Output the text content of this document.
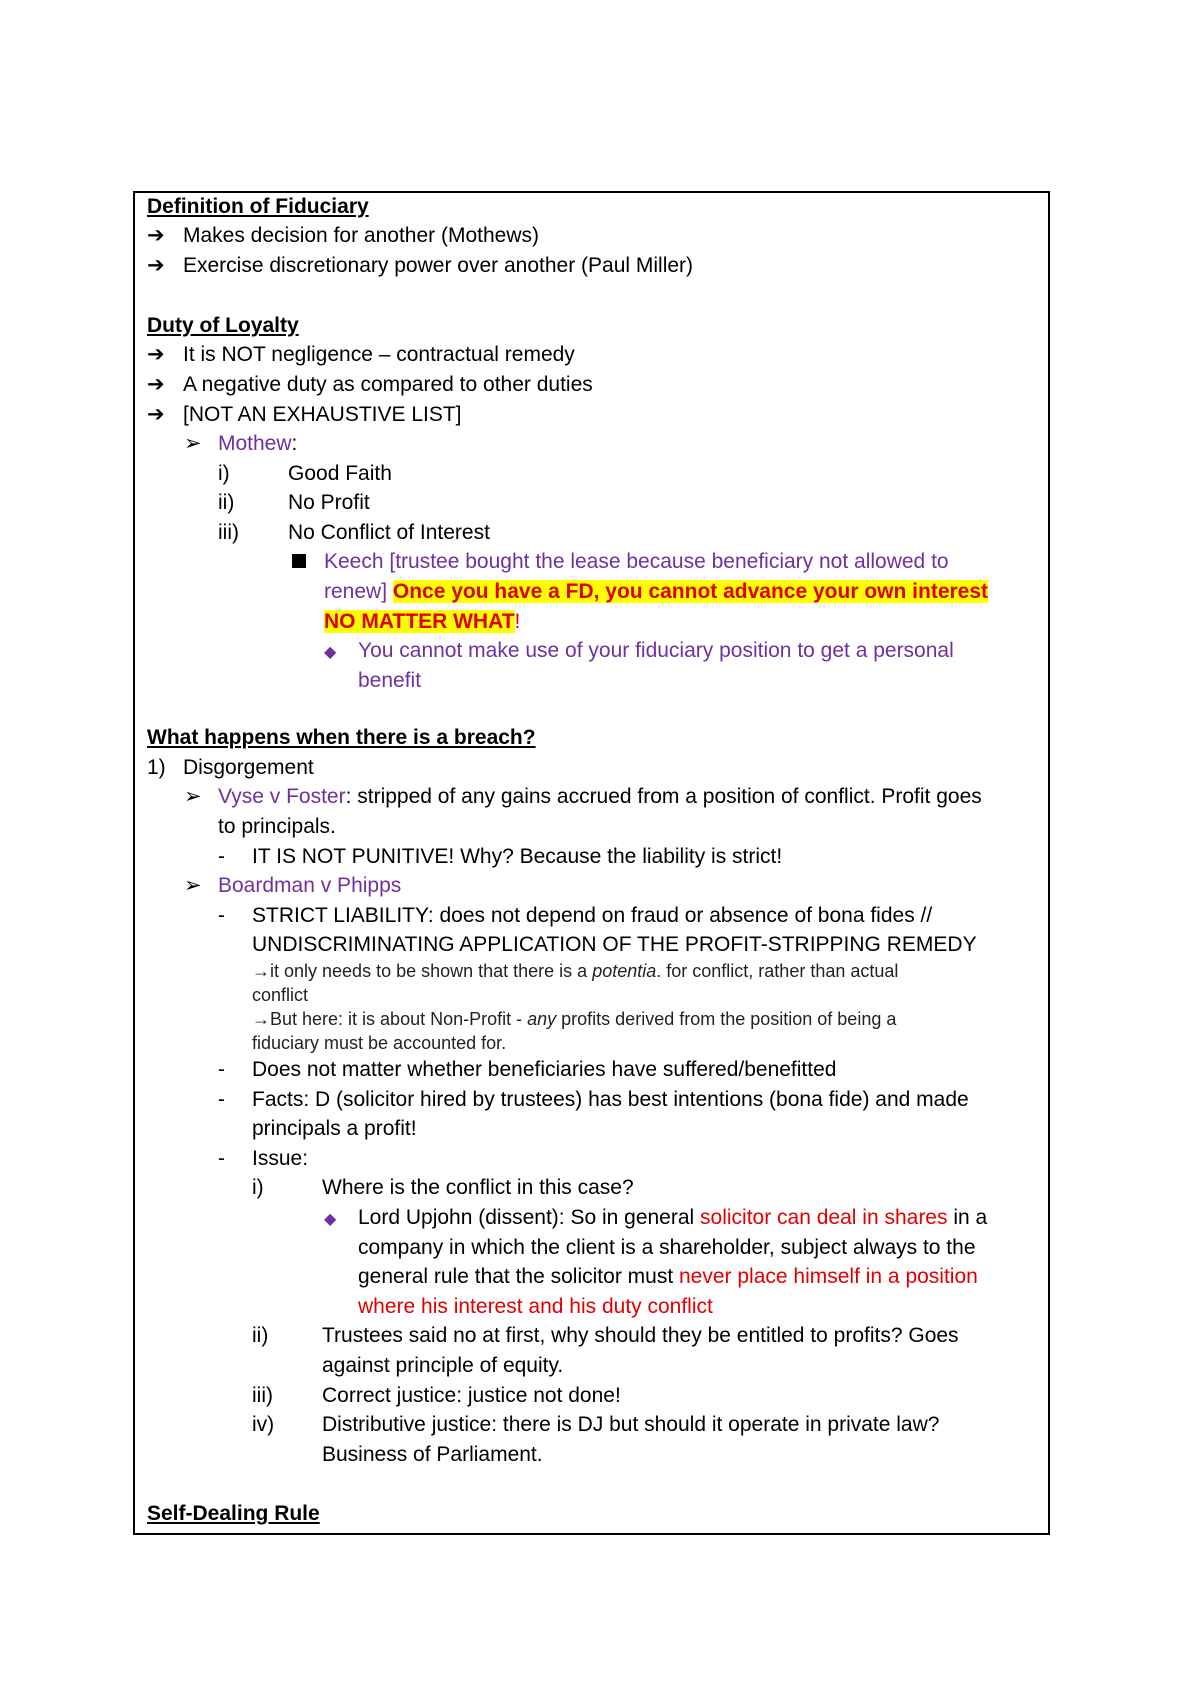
Definition of Fiduciary
➔ Makes decision for another (Mothews)
➔ Exercise discretionary power over another (Paul Miller)
Duty of Loyalty
➔ It is NOT negligence – contractual remedy
➔ A negative duty as compared to other duties
➔ [NOT AN EXHAUSTIVE LIST]
➢ Mothew:
i)	Good Faith
ii)	No Profit
iii) No Conflict of Interest
Keech [trustee bought the lease because beneficiary not allowed to
renew] Once you have a FD, you cannot advance your own interest
NO MATTER WHAT!
◆ You cannot make use of your fiduciary position to get a personal
benefit
What happens when there is a breach?
1) Disgorgement
➢ Vyse v Foster: stripped of any gains accrued from a position of conflict. Profit goes
to principals.
- IT IS NOT PUNITIVE! Why? Because the liability is strict!
➢ Boardman v Phipps
- STRICT LIABILITY: does not depend on fraud or absence of bona fides //
UNDISCRIMINATING APPLICATION OF THE PROFIT-STRIPPING REMEDY
→it only needs to be shown that there is a potentia. for conflict, rather than actual
conflict
→But here: it is about Non-Profit - any profits derived from the position of being a
fiduciary must be accounted for.
- Does not matter whether beneficiaries have suffered/benefitted
- Facts: D (solicitor hired by trustees) has best intentions (bona fide) and made
principals a profit!
- Issue:
i)	Where is the conflict in this case?
◆ Lord Upjohn (dissent): So in general solicitor can deal in shares in a
company in which the client is a shareholder, subject always to the
general rule that the solicitor must never place himself in a position
where his interest and his duty conflict
ii)	Trustees said no at first, why should they be entitled to profits? Goes
against principle of equity.
iii) Correct justice: justice not done!
iv) Distributive justice: there is DJ but should it operate in private law?
Business of Parliament.
Self-Dealing Rule
